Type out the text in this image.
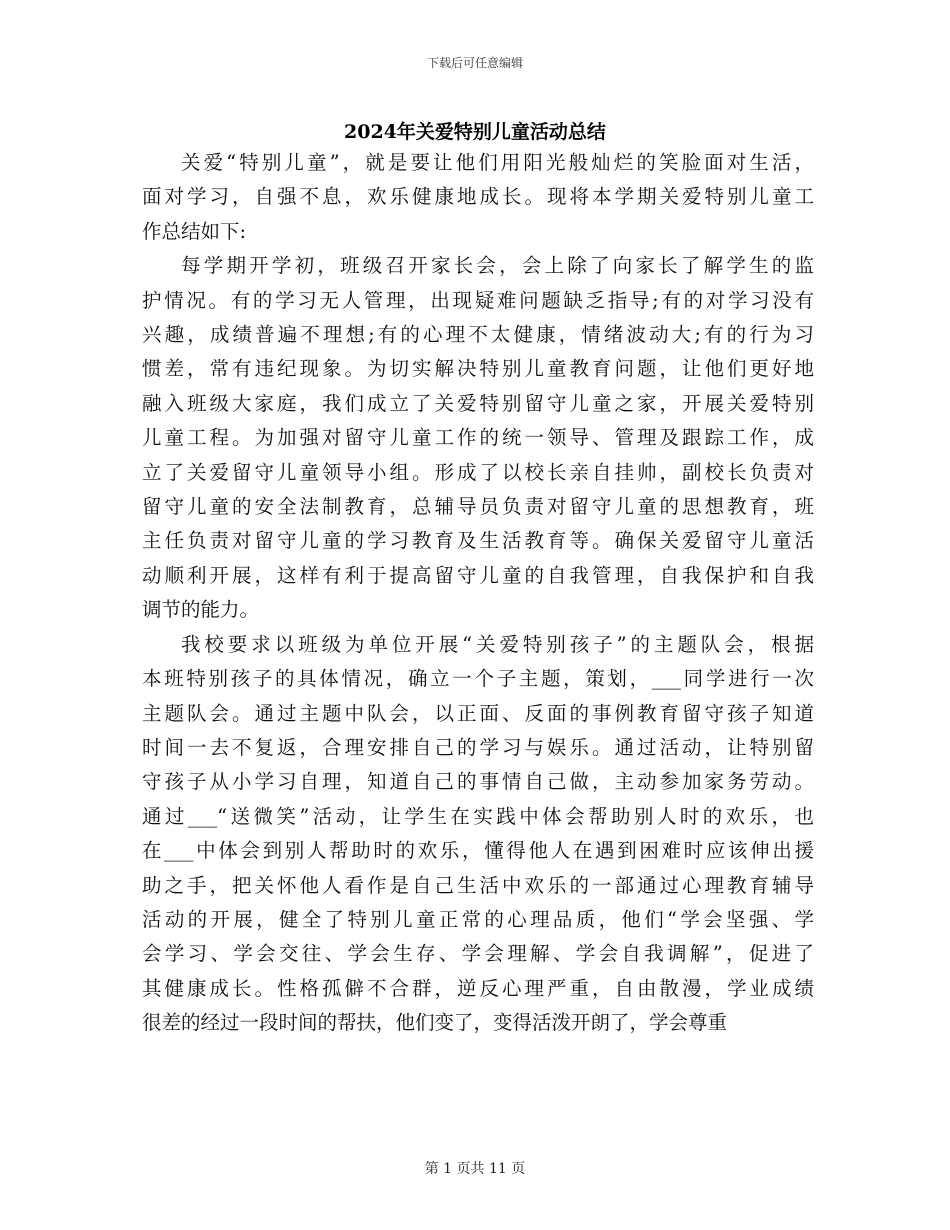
下载后可任意编辑
2024年关爱特别儿童活动总结
关爱“特别儿童”，就是要让他们用阳光般灿烂的笑脸面对生活，
面对学习，自强不息，欢乐健康地成长。现将本学期关爱特别儿童工
作总结如下:
每学期开学初，班级召开家长会，会上除了向家长了解学生的监
护情况。有的学习无人管理，出现疑难问题缺乏指导;有的对学习没有
兴趣，成绩普遍不理想;有的心理不太健康，情绪波动大;有的行为习
惯差，常有违纪现象。为切实解决特别儿童教育问题，让他们更好地
融入班级大家庭，我们成立了关爱特别留守儿童之家，开展关爱特别
儿童工程。为加强对留守儿童工作的统一领导、管理及跟踪工作，成
立了关爱留守儿童领导小组。形成了以校长亲自挂帅，副校长负责对
留守儿童的安全法制教育，总辅导员负责对留守儿童的思想教育，班
主任负责对留守儿童的学习教育及生活教育等。确保关爱留守儿童活
动顺利开展，这样有利于提高留守儿童的自我管理，自我保护和自我
调节的能力。
我校要求以班级为单位开展“关爱特别孩子”的主题队会，根据
本班特别孩子的具体情况，确立一个子主题，策划，___同学进行一次
主题队会。通过主题中队会，以正面、反面的事例教育留守孩子知道
时间一去不复返，合理安排自己的学习与娱乐。通过活动，让特别留
守孩子从小学习自理，知道自己的事情自己做，主动参加家务劳动。
通过___“送微笑”活动，让学生在实践中体会帮助别人时的欢乐，也
在___中体会到别人帮助时的欢乐，懂得他人在遇到困难时应该伸出援
助之手，把关怀他人看作是自己生活中欢乐的一部通过心理教育辅导
活动的开展，健全了特别儿童正常的心理品质，他们“学会坚强、学
会学习、学会交往、学会生存、学会理解、学会自我调解”，促进了
其健康成长。性格孤僻不合群，逆反心理严重，自由散漫，学业成绩
很差的经过一段时间的帮扶，他们变了，变得活泼开朗了，学会尊重
第 1 页共 11 页
